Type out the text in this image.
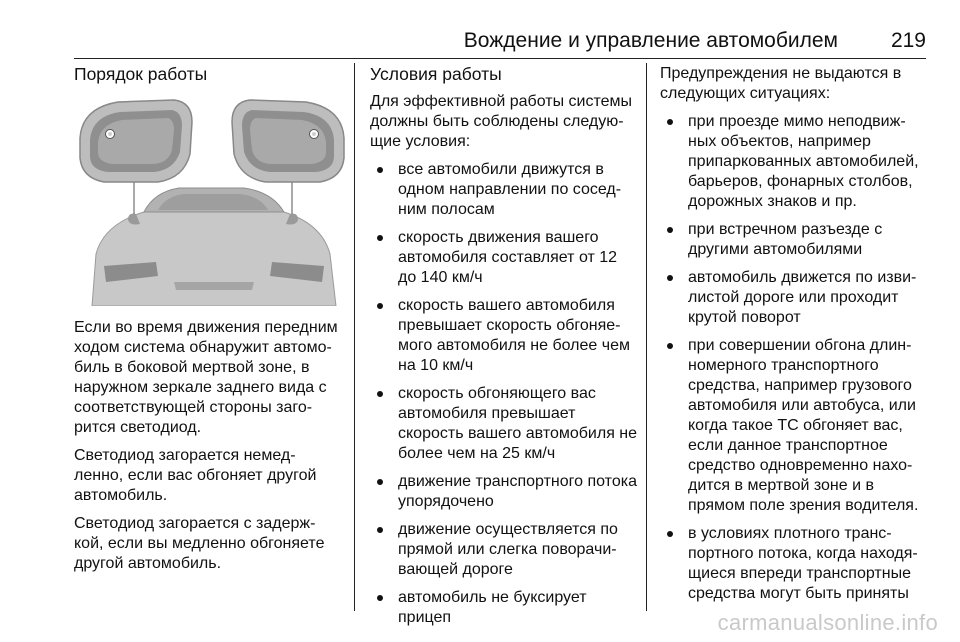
Вождение и управление автомобилем	219
Порядок работы

Если во время движения передним ходом система обнаружит автомо- биль в боковой мертвой зоне, в наружном зеркале заднего вида с соответствующей стороны заго- рится светодиод.

Светодиод загорается немед- ленно, если вас обгоняет другой автомобиль.

Светодиод загорается с задерж- кой, если вы медленно обгоняете другой автомобиль.

Условия работы

Для эффективной работы системы должны быть соблюдены следую- щие условия:

все автомобили движутся в одном направлении по сосед- ним полосам
скорость движения вашего автомобиля составляет от 12 до 140 км/ч
скорость вашего автомобиля превышает скорость обгоняе- мого автомобиля не более чем на 10 км/ч
скорость обгоняющего вас автомобиля превышает скорость вашего автомобиля не более чем на 25 км/ч
движение транспортного потока упорядочено
движение осуществляется по прямой или слегка поворачи- вающей дороге
автомобиль не буксирует прицеп

Предупреждения не выдаются в следующих ситуациях:

при проезде мимо неподвиж- ных объектов, например припаркованных автомобилей, барьеров, фонарных столбов, дорожных знаков и пр.
при встречном разъезде с другими автомобилями
автомобиль движется по изви- листой дороге или проходит крутой поворот
при совершении обгона длин- номерного транспортного средства, например грузового автомобиля или автобуса, или когда такое ТС обгоняет вас, если данное транспортное средство одновременно нахо- дится в мертвой зоне и в прямом поле зрения водителя.
в условиях плотного транс- портного потока, когда находя- щиеся впереди транспортные средства могут быть приняты
carmanualsonline.info
